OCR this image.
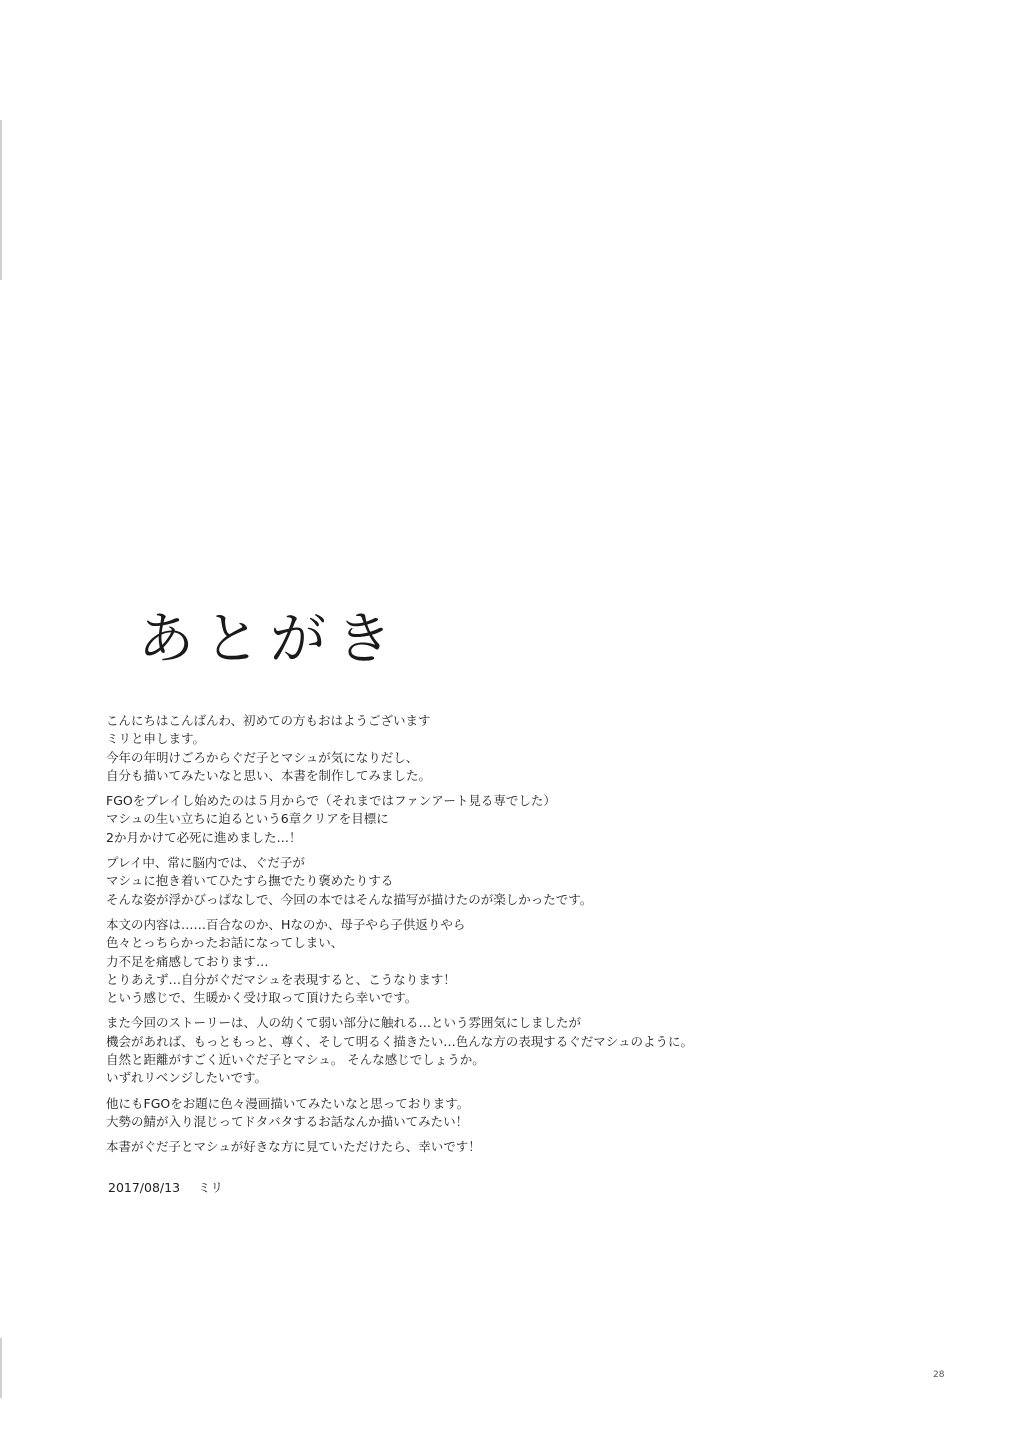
あとがき

こんにちはこんばんわ、初めての方もおはようございます
ミリと申します。
今年の年明けごろからぐだ子とマシュが気になりだし、
自分も描いてみたいなと思い、本書を制作してみました。

FGOをプレイし始めたのは５月からで（それまではファンアート見る専でした）
マシュの生い立ちに迫るという6章クリアを目標に
2か月かけて必死に進めました…！

プレイ中、常に脳内では、ぐだ子が
マシュに抱き着いてひたすら撫でたり褒めたりする
そんな姿が浮かびっぱなしで、今回の本ではそんな描写が描けたのが楽しかったです。

本文の内容は……百合なのか、Hなのか、母子やら子供返りやら
色々とっちらかったお話になってしまい、
力不足を痛感しております…
とりあえず…自分がぐだマシュを表現すると、こうなります！
という感じで、生暖かく受け取って頂けたら幸いです。

また今回のストーリーは、人の幼くて弱い部分に触れる…という雰囲気にしましたが
機会があれば、もっともっと、尊く、そして明るく描きたい…色んな方の表現するぐだマシュのように。
自然と距離がすごく近いぐだ子とマシュ。 そんな感じでしょうか。
いずれリベンジしたいです。

他にもFGOをお題に色々漫画描いてみたいなと思っております。
大勢の鯖が入り混じってドタバタするお話なんか描いてみたい！

本書がぐだ子とマシュが好きな方に見ていただけたら、幸いです！

2017/08/13 ミリ
28
